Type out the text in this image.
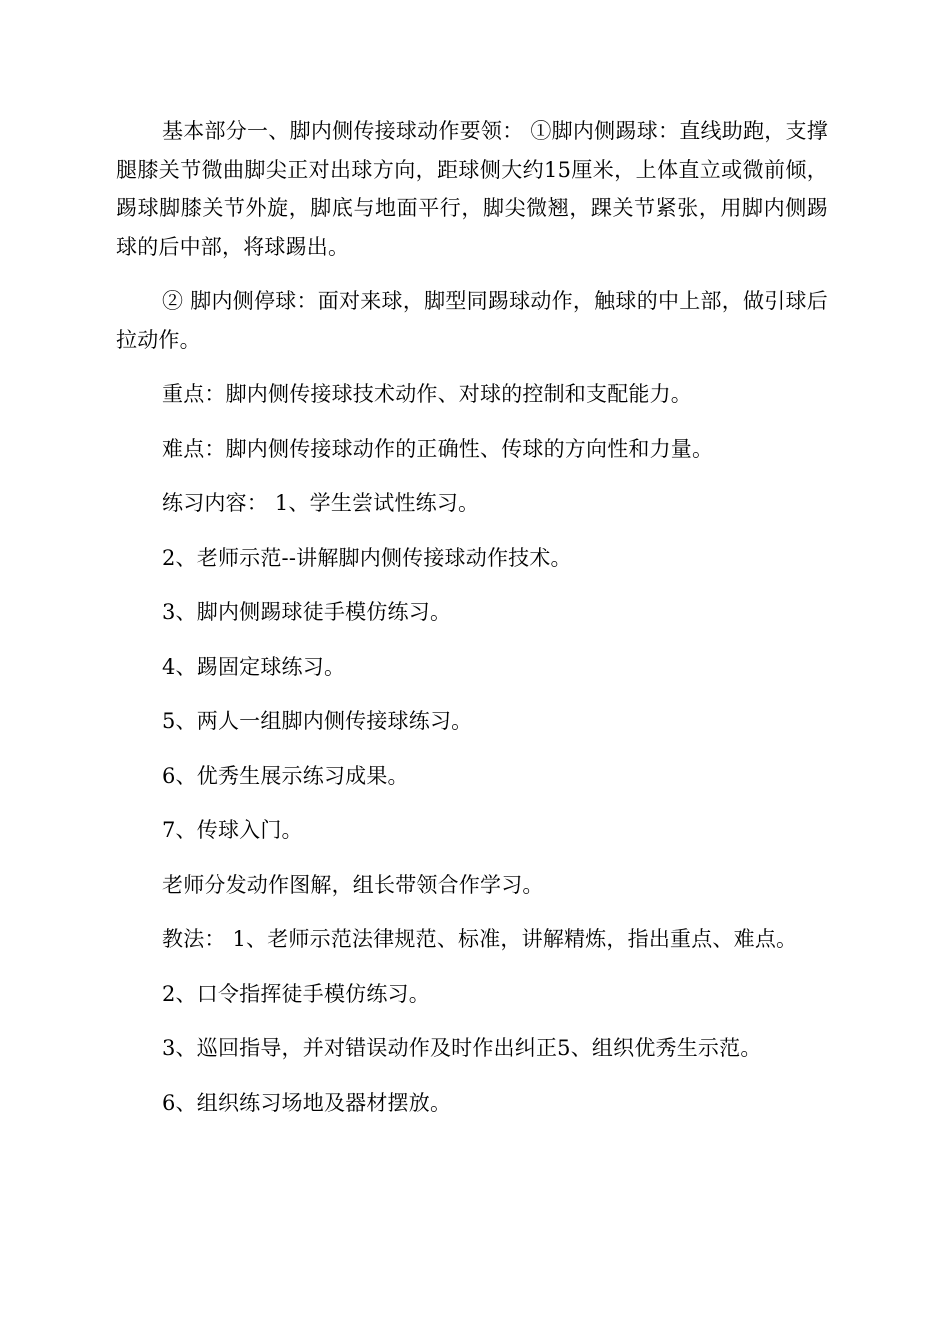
基本部分一、脚内侧传接球动作要领： ①脚内侧踢球：直线助跑，支撑腿膝关节微曲脚尖正对出球方向，距球侧大约15厘米，上体直立或微前倾，踢球脚膝关节外旋，脚底与地面平行，脚尖微翘，踝关节紧张，用脚内侧踢球的后中部，将球踢出。

② 脚内侧停球：面对来球，脚型同踢球动作，触球的中上部，做引球后拉动作。

重点：脚内侧传接球技术动作、对球的控制和支配能力。

难点：脚内侧传接球动作的正确性、传球的方向性和力量。

练习内容： 1、学生尝试性练习。

2、老师示范--讲解脚内侧传接球动作技术。

3、脚内侧踢球徒手模仿练习。

4、踢固定球练习。

5、两人一组脚内侧传接球练习。

6、优秀生展示练习成果。

7、传球入门。

老师分发动作图解，组长带领合作学习。

教法： 1、老师示范法律规范、标准，讲解精炼，指出重点、难点。

2、口令指挥徒手模仿练习。

3、巡回指导，并对错误动作及时作出纠正5、组织优秀生示范。

6、组织练习场地及器材摆放。
